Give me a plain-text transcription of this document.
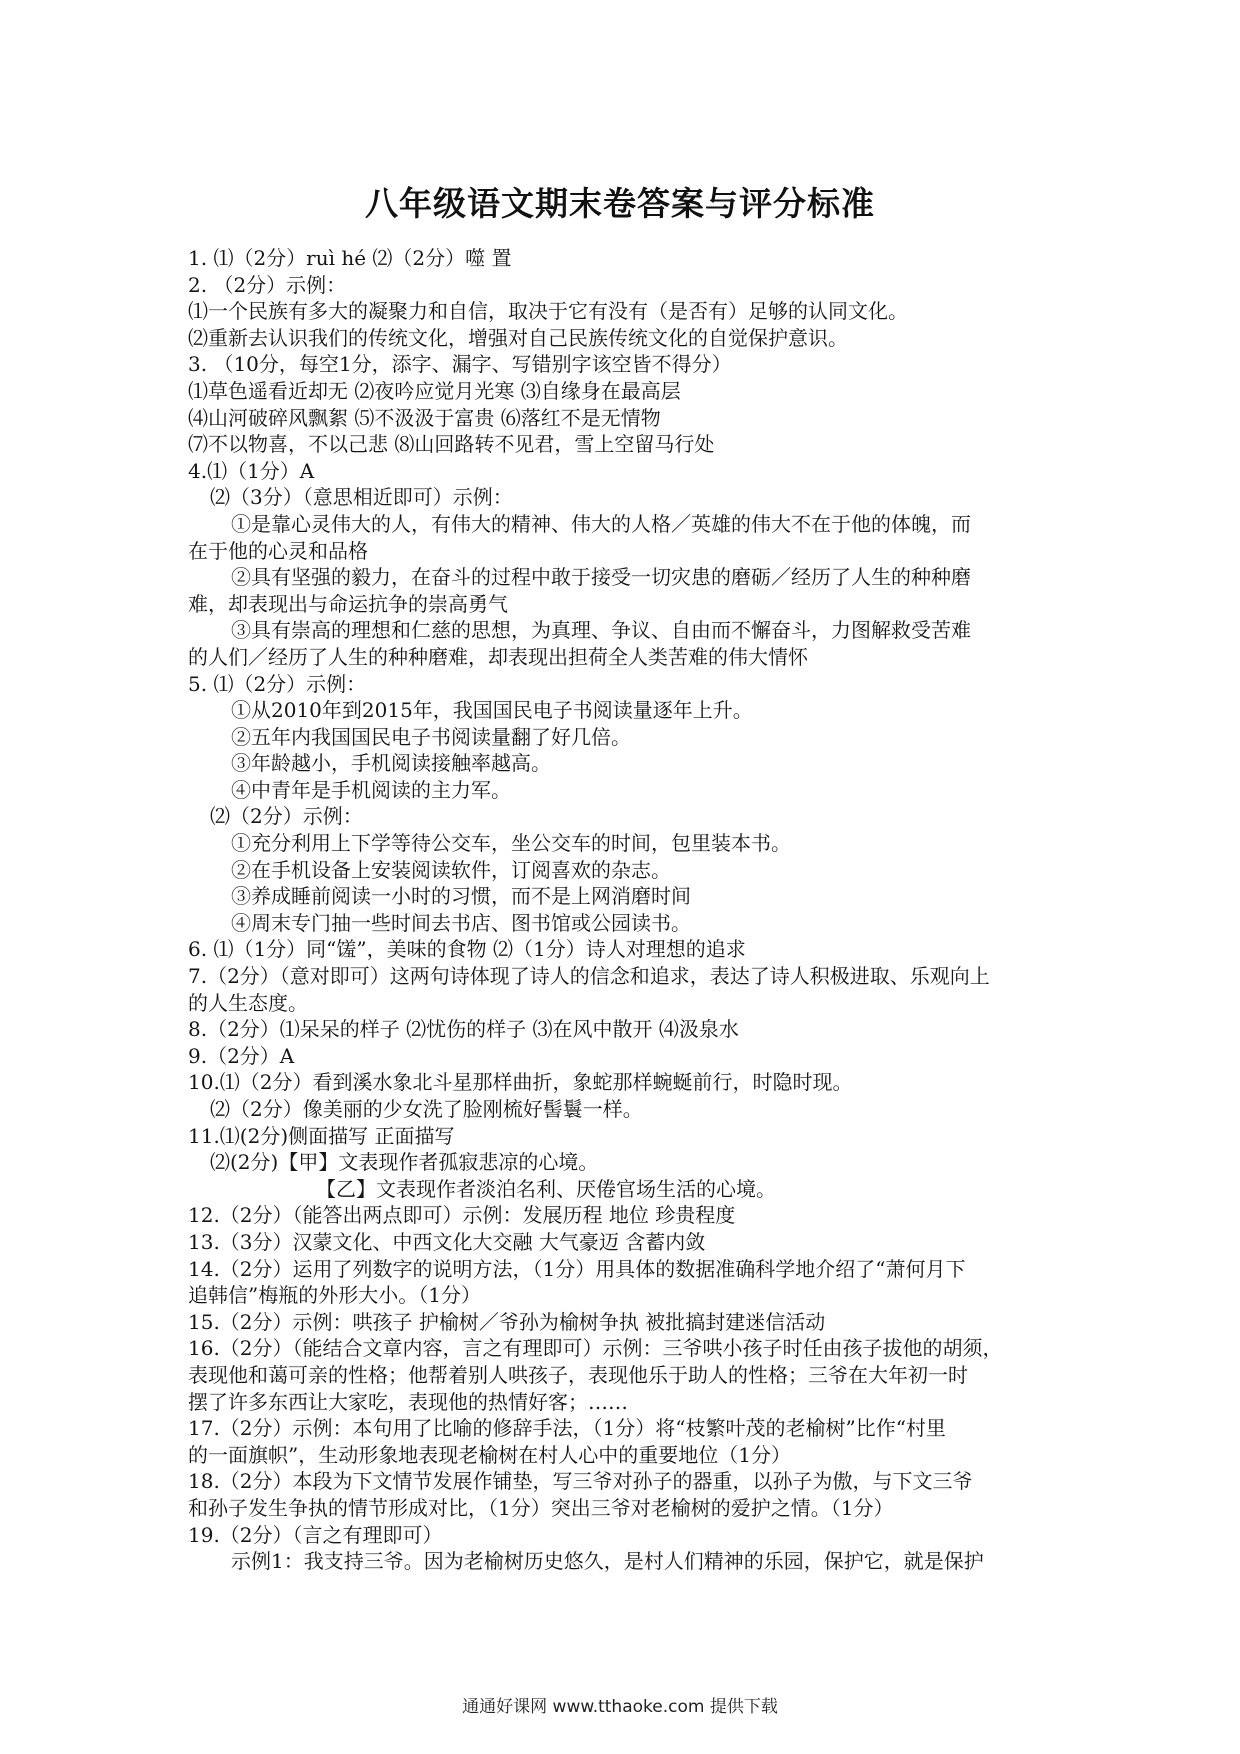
八年级语文期末卷答案与评分标准
1. ⑴（2分）ruì hé ⑵（2分）噬 置
2. （2分）示例：
⑴一个民族有多大的凝聚力和自信，取决于它有没有（是否有）足够的认同文化。
⑵重新去认识我们的传统文化，增强对自己民族传统文化的自觉保护意识。
3. （10分，每空1分，添字、漏字、写错别字该空皆不得分）
⑴草色遥看近却无 ⑵夜吟应觉月光寒 ⑶自缘身在最高层
⑷山河破碎风飘絮 ⑸不汲汲于富贵 ⑹落红不是无情物
⑺不以物喜，不以己悲 ⑻山回路转不见君，雪上空留马行处
4.⑴（1分）A
⑵（3分）（意思相近即可）示例：
①是靠心灵伟大的人，有伟大的精神、伟大的人格／英雄的伟大不在于他的体魄，而
在于他的心灵和品格
②具有坚强的毅力，在奋斗的过程中敢于接受一切灾患的磨砺／经历了人生的种种磨
难，却表现出与命运抗争的崇高勇气
③具有崇高的理想和仁慈的思想，为真理、争议、自由而不懈奋斗，力图解救受苦难
的人们／经历了人生的种种磨难，却表现出担荷全人类苦难的伟大情怀
5. ⑴（2分）示例：
①从2010年到2015年，我国国民电子书阅读量逐年上升。
②五年内我国国民电子书阅读量翻了好几倍。
③年龄越小，手机阅读接触率越高。
④中青年是手机阅读的主力军。
⑵（2分）示例：
①充分利用上下学等待公交车，坐公交车的时间，包里装本书。
②在手机设备上安装阅读软件，订阅喜欢的杂志。
③养成睡前阅读一小时的习惯，而不是上网消磨时间
④周末专门抽一些时间去书店、图书馆或公园读书。
6. ⑴（1分）同“馐”，美味的食物 ⑵（1分）诗人对理想的追求
7.（2分）（意对即可）这两句诗体现了诗人的信念和追求，表达了诗人积极进取、乐观向上
的人生态度。
8.（2分）⑴呆呆的样子 ⑵忧伤的样子 ⑶在风中散开 ⑷汲泉水
9.（2分）A
10.⑴（2分）看到溪水象北斗星那样曲折，象蛇那样蜿蜒前行，时隐时现。
⑵（2分）像美丽的少女洗了脸刚梳好髻鬟一样。
11.⑴(2分)侧面描写 正面描写
⑵(2分)【甲】文表现作者孤寂悲凉的心境。
【乙】文表现作者淡泊名利、厌倦官场生活的心境。
12.（2分）（能答出两点即可）示例：发展历程 地位 珍贵程度
13.（3分）汉蒙文化、中西文化大交融 大气豪迈 含蓄内敛
14.（2分）运用了列数字的说明方法，（1分）用具体的数据准确科学地介绍了“萧何月下
追韩信”梅瓶的外形大小。（1分）
15.（2分）示例：哄孩子 护榆树／爷孙为榆树争执 被批搞封建迷信活动
16.（2分）（能结合文章内容，言之有理即可）示例：三爷哄小孩子时任由孩子拔他的胡须，
表现他和蔼可亲的性格；他帮着别人哄孩子，表现他乐于助人的性格；三爷在大年初一时
摆了许多东西让大家吃，表现他的热情好客；……
17.（2分）示例：本句用了比喻的修辞手法，（1分）将“枝繁叶茂的老榆树”比作“村里
的一面旗帜”，生动形象地表现老榆树在村人心中的重要地位（1分）
18.（2分）本段为下文情节发展作铺垫，写三爷对孙子的器重，以孙子为傲，与下文三爷
和孙子发生争执的情节形成对比，（1分）突出三爷对老榆树的爱护之情。（1分）
19.（2分）（言之有理即可）
示例1：我支持三爷。因为老榆树历史悠久，是村人们精神的乐园，保护它，就是保护
通通好课网 www.tthaoke.com 提供下载
